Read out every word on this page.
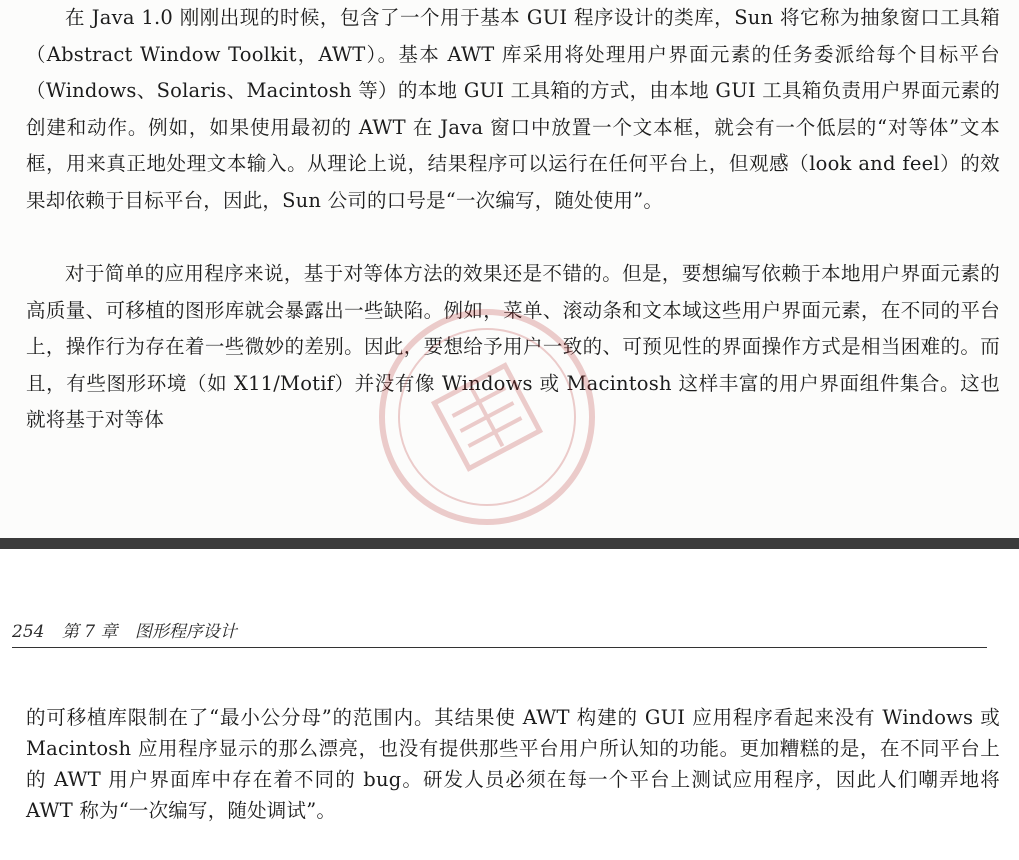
在 Java 1.0 刚刚出现的时候，包含了一个用于基本 GUI 程序设计的类库，Sun 将它称为抽象窗口工具箱（Abstract Window Toolkit，AWT）。基本 AWT 库采用将处理用户界面元素的任务委派给每个目标平台（Windows、Solaris、Macintosh 等）的本地 GUI 工具箱的方式，由本地 GUI 工具箱负责用户界面元素的创建和动作。例如，如果使用最初的 AWT 在 Java 窗口中放置一个文本框，就会有一个低层的“对等体”文本框，用来真正地处理文本输入。从理论上说，结果程序可以运行在任何平台上，但观感（look and feel）的效果却依赖于目标平台，因此，Sun 公司的口号是“一次编写，随处使用”。

对于简单的应用程序来说，基于对等体方法的效果还是不错的。但是，要想编写依赖于本地用户界面元素的高质量、可移植的图形库就会暴露出一些缺陷。例如，菜单、滚动条和文本域这些用户界面元素，在不同的平台上，操作行为存在着一些微妙的差别。因此，要想给予用户一致的、可预见性的界面操作方式是相当困难的。而且，有些图形环境（如 X11/Motif）并没有像 Windows 或 Macintosh 这样丰富的用户界面组件集合。这也就将基于对等体

254 第 7 章 图形程序设计

的可移植库限制在了“最小公分母”的范围内。其结果使 AWT 构建的 GUI 应用程序看起来没有 Windows 或 Macintosh 应用程序显示的那么漂亮，也没有提供那些平台用户所认知的功能。更加糟糕的是，在不同平台上的 AWT 用户界面库中存在着不同的 bug。研发人员必须在每一个平台上测试应用程序，因此人们嘲弄地将 AWT 称为“一次编写，随处调试”。
